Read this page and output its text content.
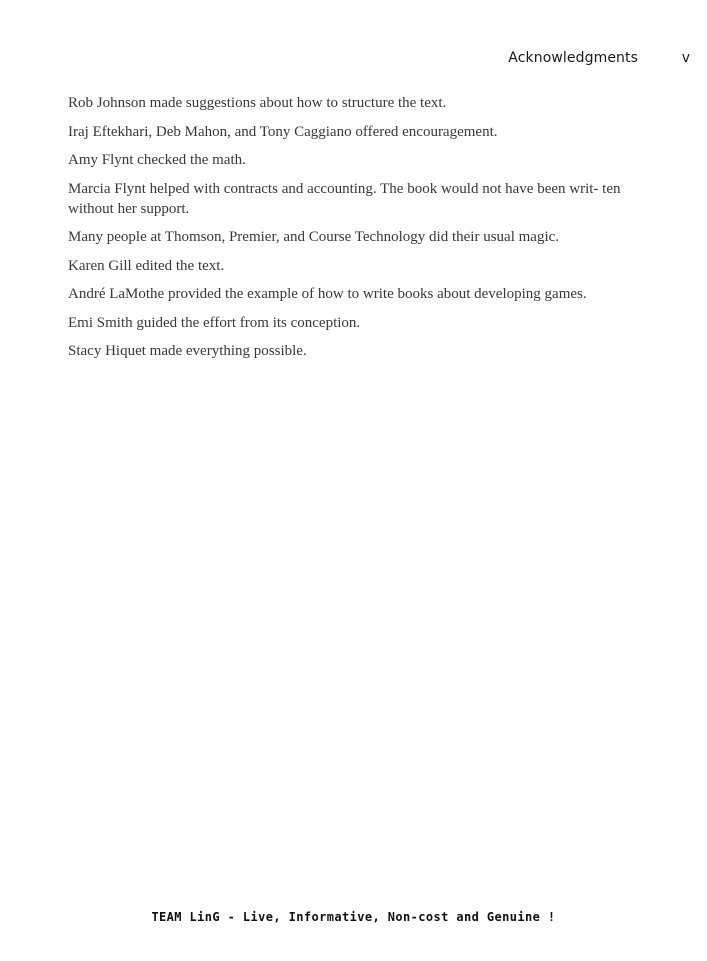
Acknowledgments	v

Rob Johnson made suggestions about how to structure the text.

Iraj Eftekhari, Deb Mahon, and Tony Caggiano offered encouragement.

Amy Flynt checked the math.

Marcia Flynt helped with contracts and accounting. The book would not have been writ- ten without her support.

Many people at Thomson, Premier, and Course Technology did their usual magic.

Karen Gill edited the text.

André LaMothe provided the example of how to write books about developing games.

Emi Smith guided the effort from its conception.

Stacy Hiquet made everything possible.

TEAM LinG - Live, Informative, Non-cost and Genuine !
